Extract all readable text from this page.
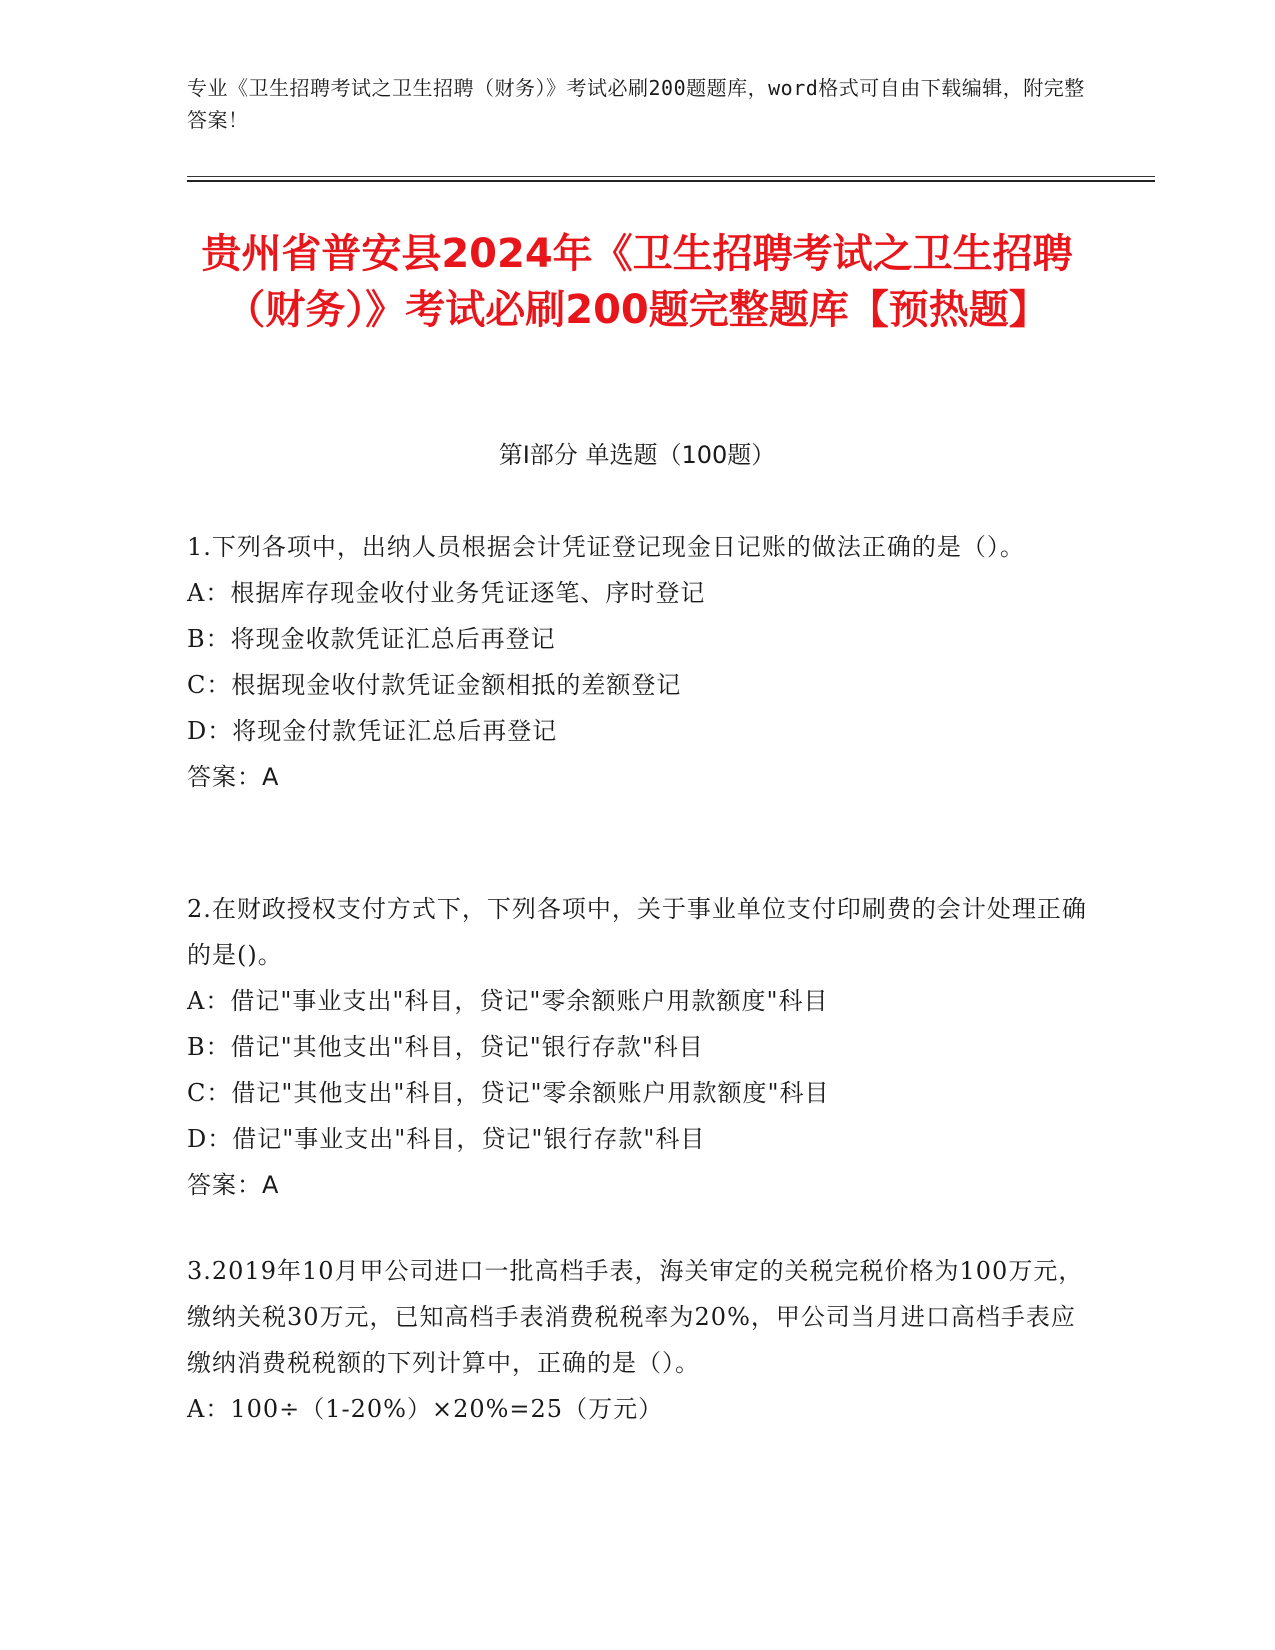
专业《卫生招聘考试之卫生招聘（财务）》考试必刷200题题库，word格式可自由下载编辑，附完整答案！
贵州省普安县2024年《卫生招聘考试之卫生招聘（财务）》考试必刷200题完整题库【预热题】
第I部分 单选题（100题）
1.下列各项中，出纳人员根据会计凭证登记现金日记账的做法正确的是（）。
A：根据库存现金收付业务凭证逐笔、序时登记
B：将现金收款凭证汇总后再登记
C：根据现金收付款凭证金额相抵的差额登记
D：将现金付款凭证汇总后再登记
答案：A
2.在财政授权支付方式下，下列各项中，关于事业单位支付印刷费的会计处理正确的是()。
A：借记"事业支出"科目，贷记"零余额账户用款额度"科目
B：借记"其他支出"科目，贷记"银行存款"科目
C：借记"其他支出"科目，贷记"零余额账户用款额度"科目
D：借记"事业支出"科目，贷记"银行存款"科目
答案：A
3.2019年10月甲公司进口一批高档手表，海关审定的关税完税价格为100万元，缴纳关税30万元，已知高档手表消费税税率为20%，甲公司当月进口高档手表应缴纳消费税税额的下列计算中，正确的是（）。
A：100÷（1-20%）×20%=25（万元）
